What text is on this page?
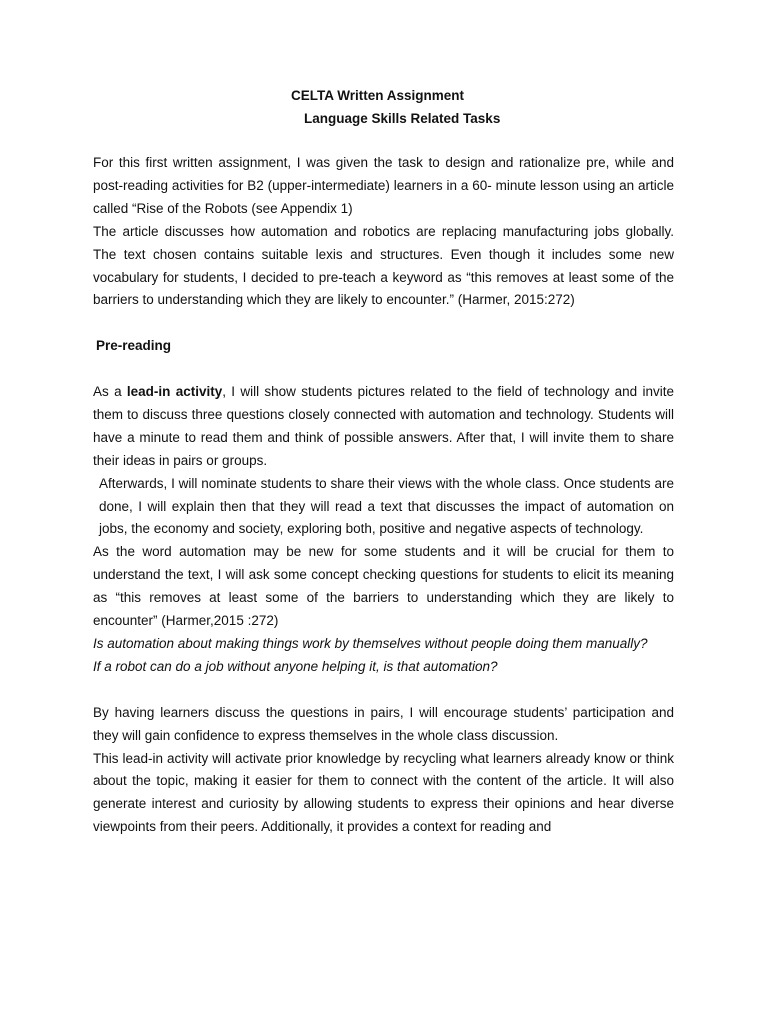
CELTA Written Assignment
Language Skills Related Tasks

For this first written assignment, I was given the task to design and rationalize pre, while and post-reading activities for B2 (upper-intermediate) learners in a 60- minute lesson using an article called “Rise of the Robots (see Appendix 1)

The article discusses how automation and robotics are replacing manufacturing jobs globally. The text chosen contains suitable lexis and structures. Even though it includes some new vocabulary for students, I decided to pre-teach a keyword as “this removes at least some of the barriers to understanding which they are likely to encounter.” (Harmer, 2015:272)

Pre-reading

As a lead-in activity, I will show students pictures related to the field of technology and invite them to discuss three questions closely connected with automation and technology. Students will have a minute to read them and think of possible answers. After that, I will invite them to share their ideas in pairs or groups.

Afterwards, I will nominate students to share their views with the whole class. Once students are done, I will explain then that they will read a text that discusses the impact of automation on jobs, the economy and society, exploring both, positive and negative aspects of technology.

As the word automation may be new for some students and it will be crucial for them to understand the text, I will ask some concept checking questions for students to elicit its meaning as “this removes at least some of the barriers to understanding which they are likely to encounter” (Harmer,2015 :272)

Is automation about making things work by themselves without people doing them manually?

If a robot can do a job without anyone helping it, is that automation?

By having learners discuss the questions in pairs, I will encourage students’ participation and they will gain confidence to express themselves in the whole class discussion.

This lead-in activity will activate prior knowledge by recycling what learners already know or think about the topic, making it easier for them to connect with the content of the article. It will also generate interest and curiosity by allowing students to express their opinions and hear diverse viewpoints from their peers. Additionally, it provides a context for reading and
